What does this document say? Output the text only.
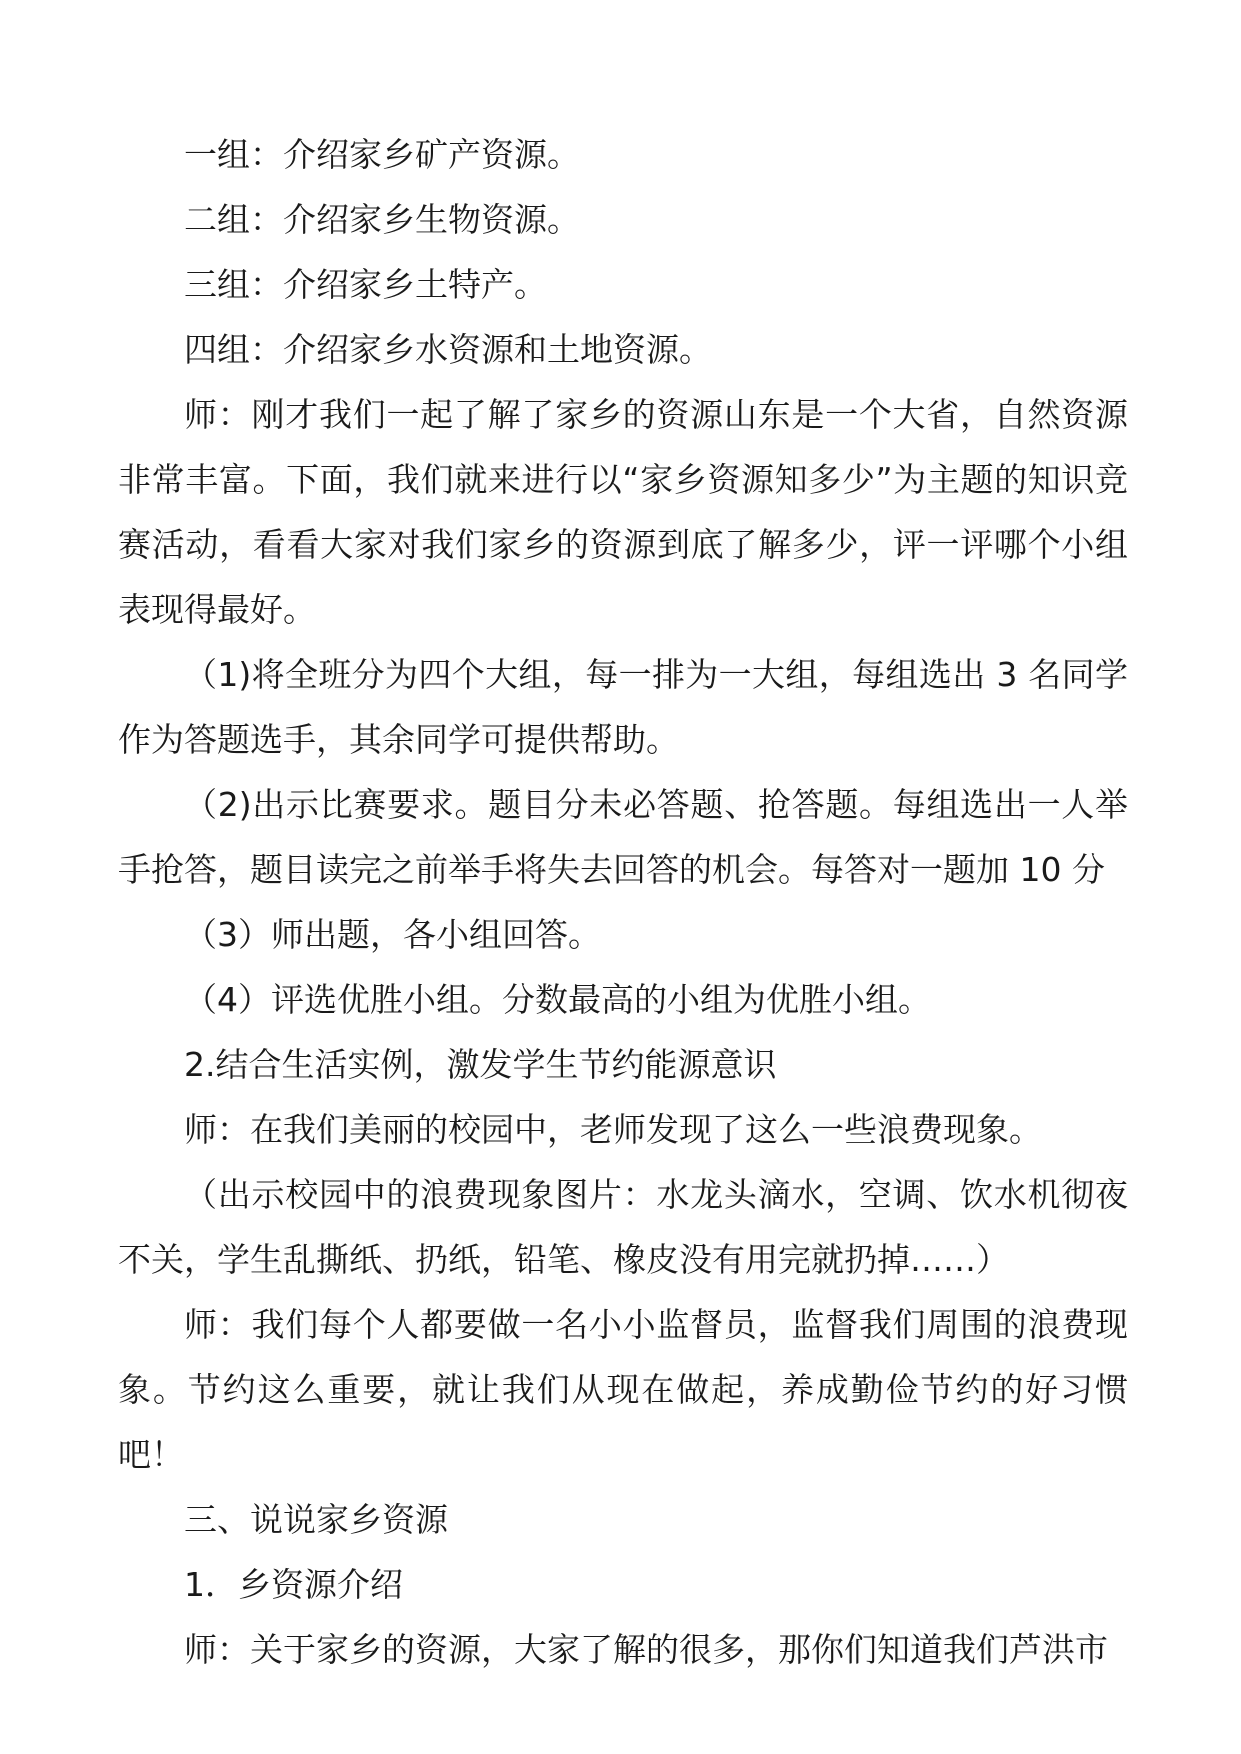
一组：介绍家乡矿产资源。

二组：介绍家乡生物资源。

三组：介绍家乡土特产。

四组：介绍家乡水资源和土地资源。

师：刚才我们一起了解了家乡的资源山东是一个大省，自然资源非常丰富。下面，我们就来进行以“家乡资源知多少”为主题的知识竞赛活动，看看大家对我们家乡的资源到底了解多少，评一评哪个小组表现得最好。

（1)将全班分为四个大组，每一排为一大组，每组选出 3 名同学作为答题选手，其余同学可提供帮助。

（2)出示比赛要求。题目分未必答题、抢答题。每组选出一人举手抢答，题目读完之前举手将失去回答的机会。每答对一题加 10 分

（3）师出题，各小组回答。

（4）评选优胜小组。分数最高的小组为优胜小组。

2.结合生活实例，激发学生节约能源意识

师：在我们美丽的校园中，老师发现了这么一些浪费现象。

（出示校园中的浪费现象图片：水龙头滴水，空调、饮水机彻夜不关，学生乱撕纸、扔纸，铅笔、橡皮没有用完就扔掉……）

师：我们每个人都要做一名小小监督员，监督我们周围的浪费现象。节约这么重要，就让我们从现在做起，养成勤俭节约的好习惯吧！

三、说说家乡资源

1．乡资源介绍

师：关于家乡的资源，大家了解的很多，那你们知道我们芦洪市
